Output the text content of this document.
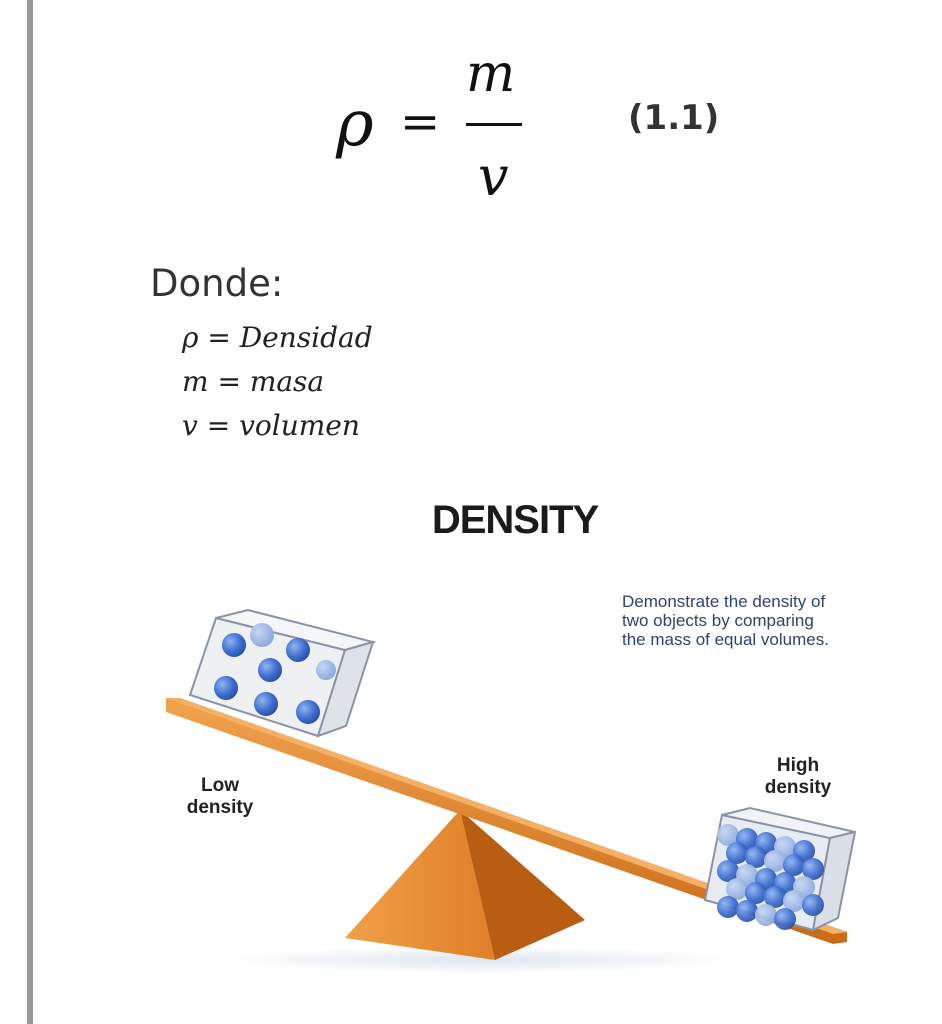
ρ =
m
v
(1.1)
Donde:
ρ = Densidad
m = masa
v = volumen
DENSITY
Demonstrate the density of
two objects by comparing
the mass of equal volumes.
Low
density
High
density
